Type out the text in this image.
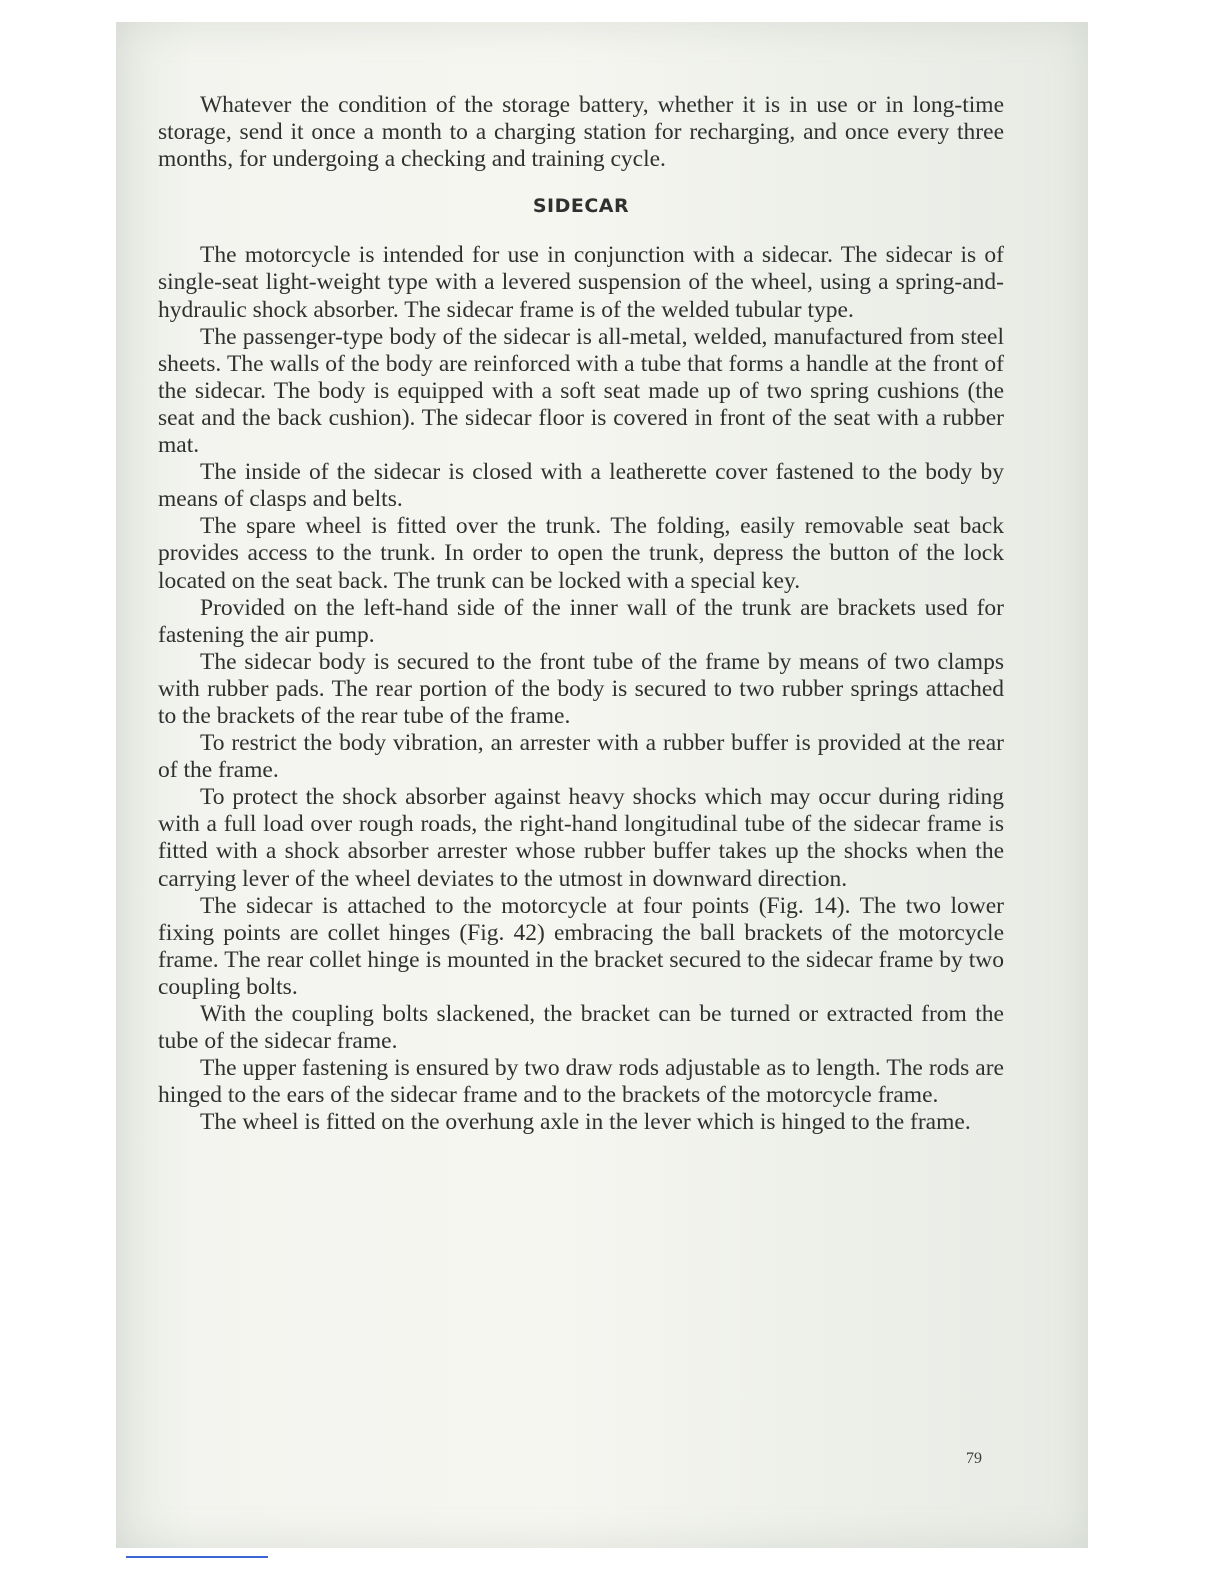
Whatever the condition of the storage battery, whether it is in use or in long-time storage, send it once a month to a charging station for recharging, and once every three months, for undergoing a checking and training cycle.

SIDECAR

The motorcycle is intended for use in conjunction with a sidecar. The sidecar is of single-seat light-weight type with a levered suspension of the wheel, using a spring-and-hydraulic shock absorber. The sidecar frame is of the welded tubular type.

The passenger-type body of the sidecar is all-metal, welded, manufactured from steel sheets. The walls of the body are reinforced with a tube that forms a handle at the front of the sidecar. The body is equipped with a soft seat made up of two spring cushions (the seat and the back cushion). The sidecar floor is covered in front of the seat with a rubber mat.

The inside of the sidecar is closed with a leatherette cover fastened to the body by means of clasps and belts.

The spare wheel is fitted over the trunk. The folding, easily removable seat back provides access to the trunk. In order to open the trunk, depress the button of the lock located on the seat back. The trunk can be locked with a special key.

Provided on the left-hand side of the inner wall of the trunk are brackets used for fastening the air pump.

The sidecar body is secured to the front tube of the frame by means of two clamps with rubber pads. The rear portion of the body is secured to two rubber springs attached to the brackets of the rear tube of the frame.

To restrict the body vibration, an arrester with a rubber buffer is provided at the rear of the frame.

To protect the shock absorber against heavy shocks which may occur during riding with a full load over rough roads, the right-hand longitudinal tube of the sidecar frame is fitted with a shock absorber arrester whose rubber buffer takes up the shocks when the carrying lever of the wheel deviates to the utmost in downward direction.

The sidecar is attached to the motorcycle at four points (Fig. 14). The two lower fixing points are collet hinges (Fig. 42) embracing the ball brackets of the motorcycle frame. The rear collet hinge is mounted in the bracket secured to the sidecar frame by two coupling bolts.

With the coupling bolts slackened, the bracket can be turned or extracted from the tube of the sidecar frame.

The upper fastening is ensured by two draw rods adjustable as to length. The rods are hinged to the ears of the sidecar frame and to the brackets of the motorcycle frame.

The wheel is fitted on the overhung axle in the lever which is hinged to the frame.

79
